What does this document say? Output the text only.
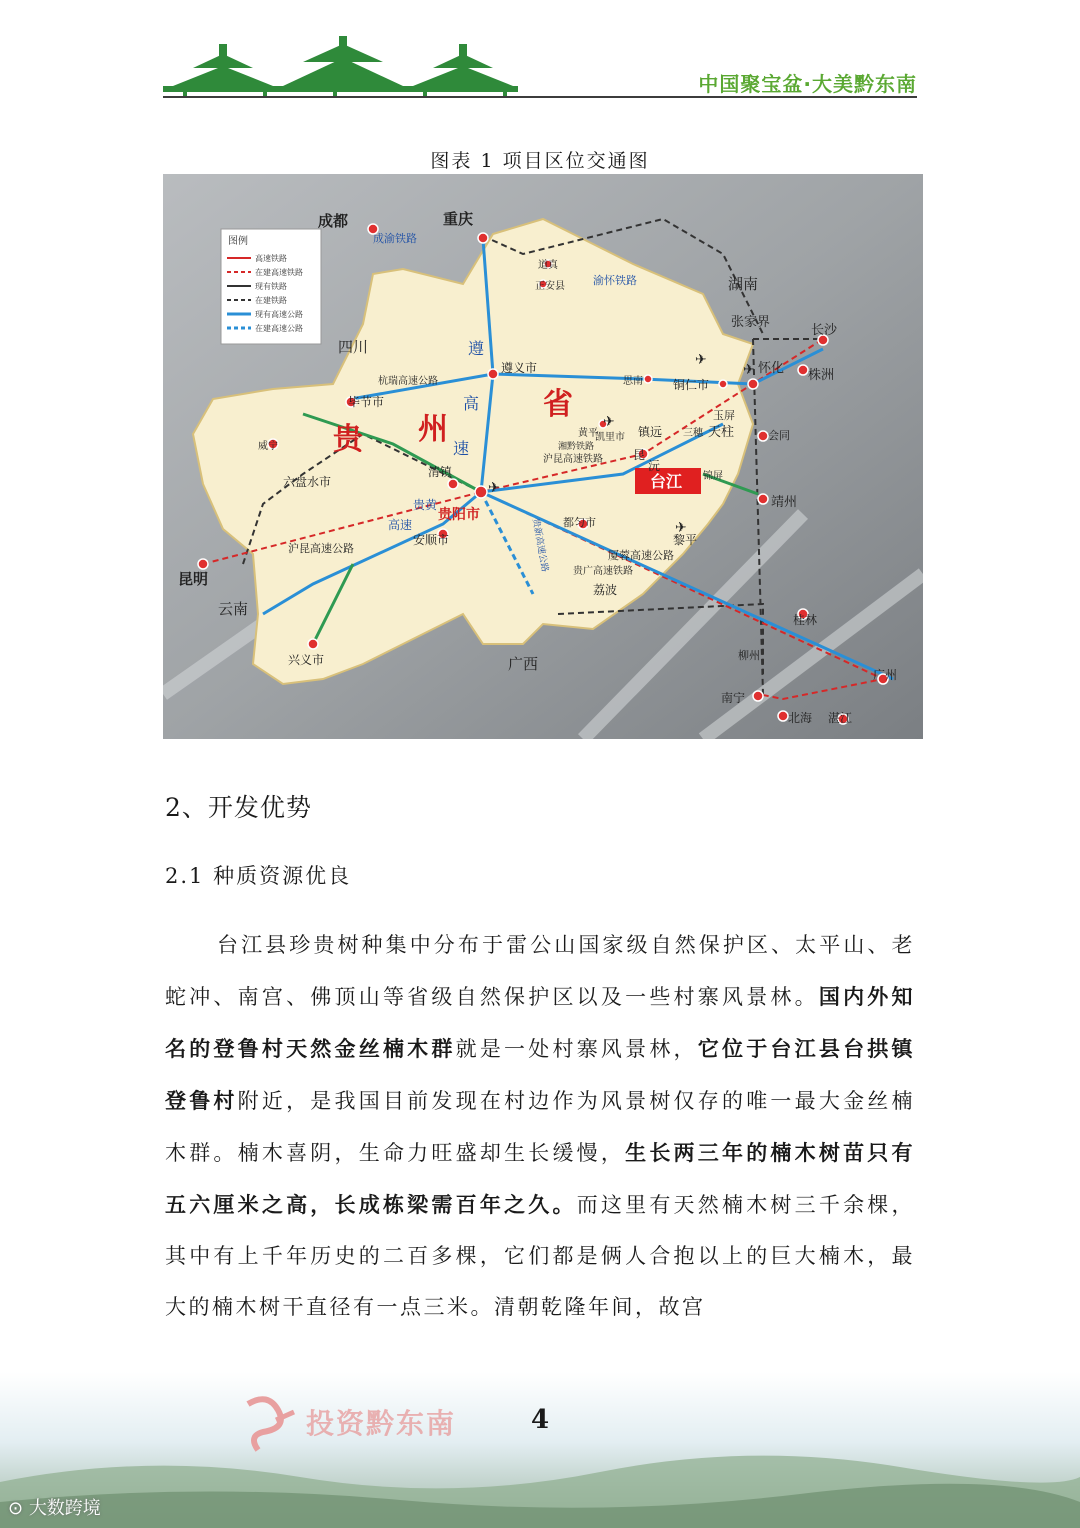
中国聚宝盆·大美黔东南
图表 1 项目区位交通图
图例
高速铁路
在建高速铁路
现有铁路
在建铁路
现有高速公路
在建高速公路
成都	重庆
成渝铁路
四川
湖南
张家界
长沙
怀化 株洲
道真
正安县	渝怀铁路
遵义市
毕节市
杭瑞高速公路
贵 州
省
遵
高
速
铜仁市
思南
玉屏
天柱	会同
镇远
凯里市
黄平	三穗
锦屏
黎平
台江
靖州
威宁
六盘水市
清镇
贵阳市
安顺市
都匀市
沪昆高速铁路
沪昆高速公路
厦蓉高速公路
贵广高速铁路
荔波
昆明
云南
兴义市	广西
桂林
柳州
广州
南宁
北海 湛江
贵黄
高速
湘黔铁路
贵新高速公路
昆
沅
✈
✈
✈
✈
✈
2、开发优势
2.1 种质资源优良

台江县珍贵树种集中分布于雷公山国家级自然保护区、太平山、老蛇冲、南宫、佛顶山等省级自然保护区以及一些村寨风景林。国内外知名的登鲁村天然金丝楠木群就是一处村寨风景林，它位于台江县台拱镇登鲁村附近，是我国目前发现在村边作为风景树仅存的唯一最大金丝楠木群。楠木喜阴，生命力旺盛却生长缓慢，生长两三年的楠木树苗只有五六厘米之高，长成栋梁需百年之久。而这里有天然楠木树三千余棵，其中有上千年历史的二百多棵，它们都是俩人合抱以上的巨大楠木，最大的楠木树干直径有一点三米。清朝乾隆年间，故宫

投资黔东南	4
⊙ 大数跨境
